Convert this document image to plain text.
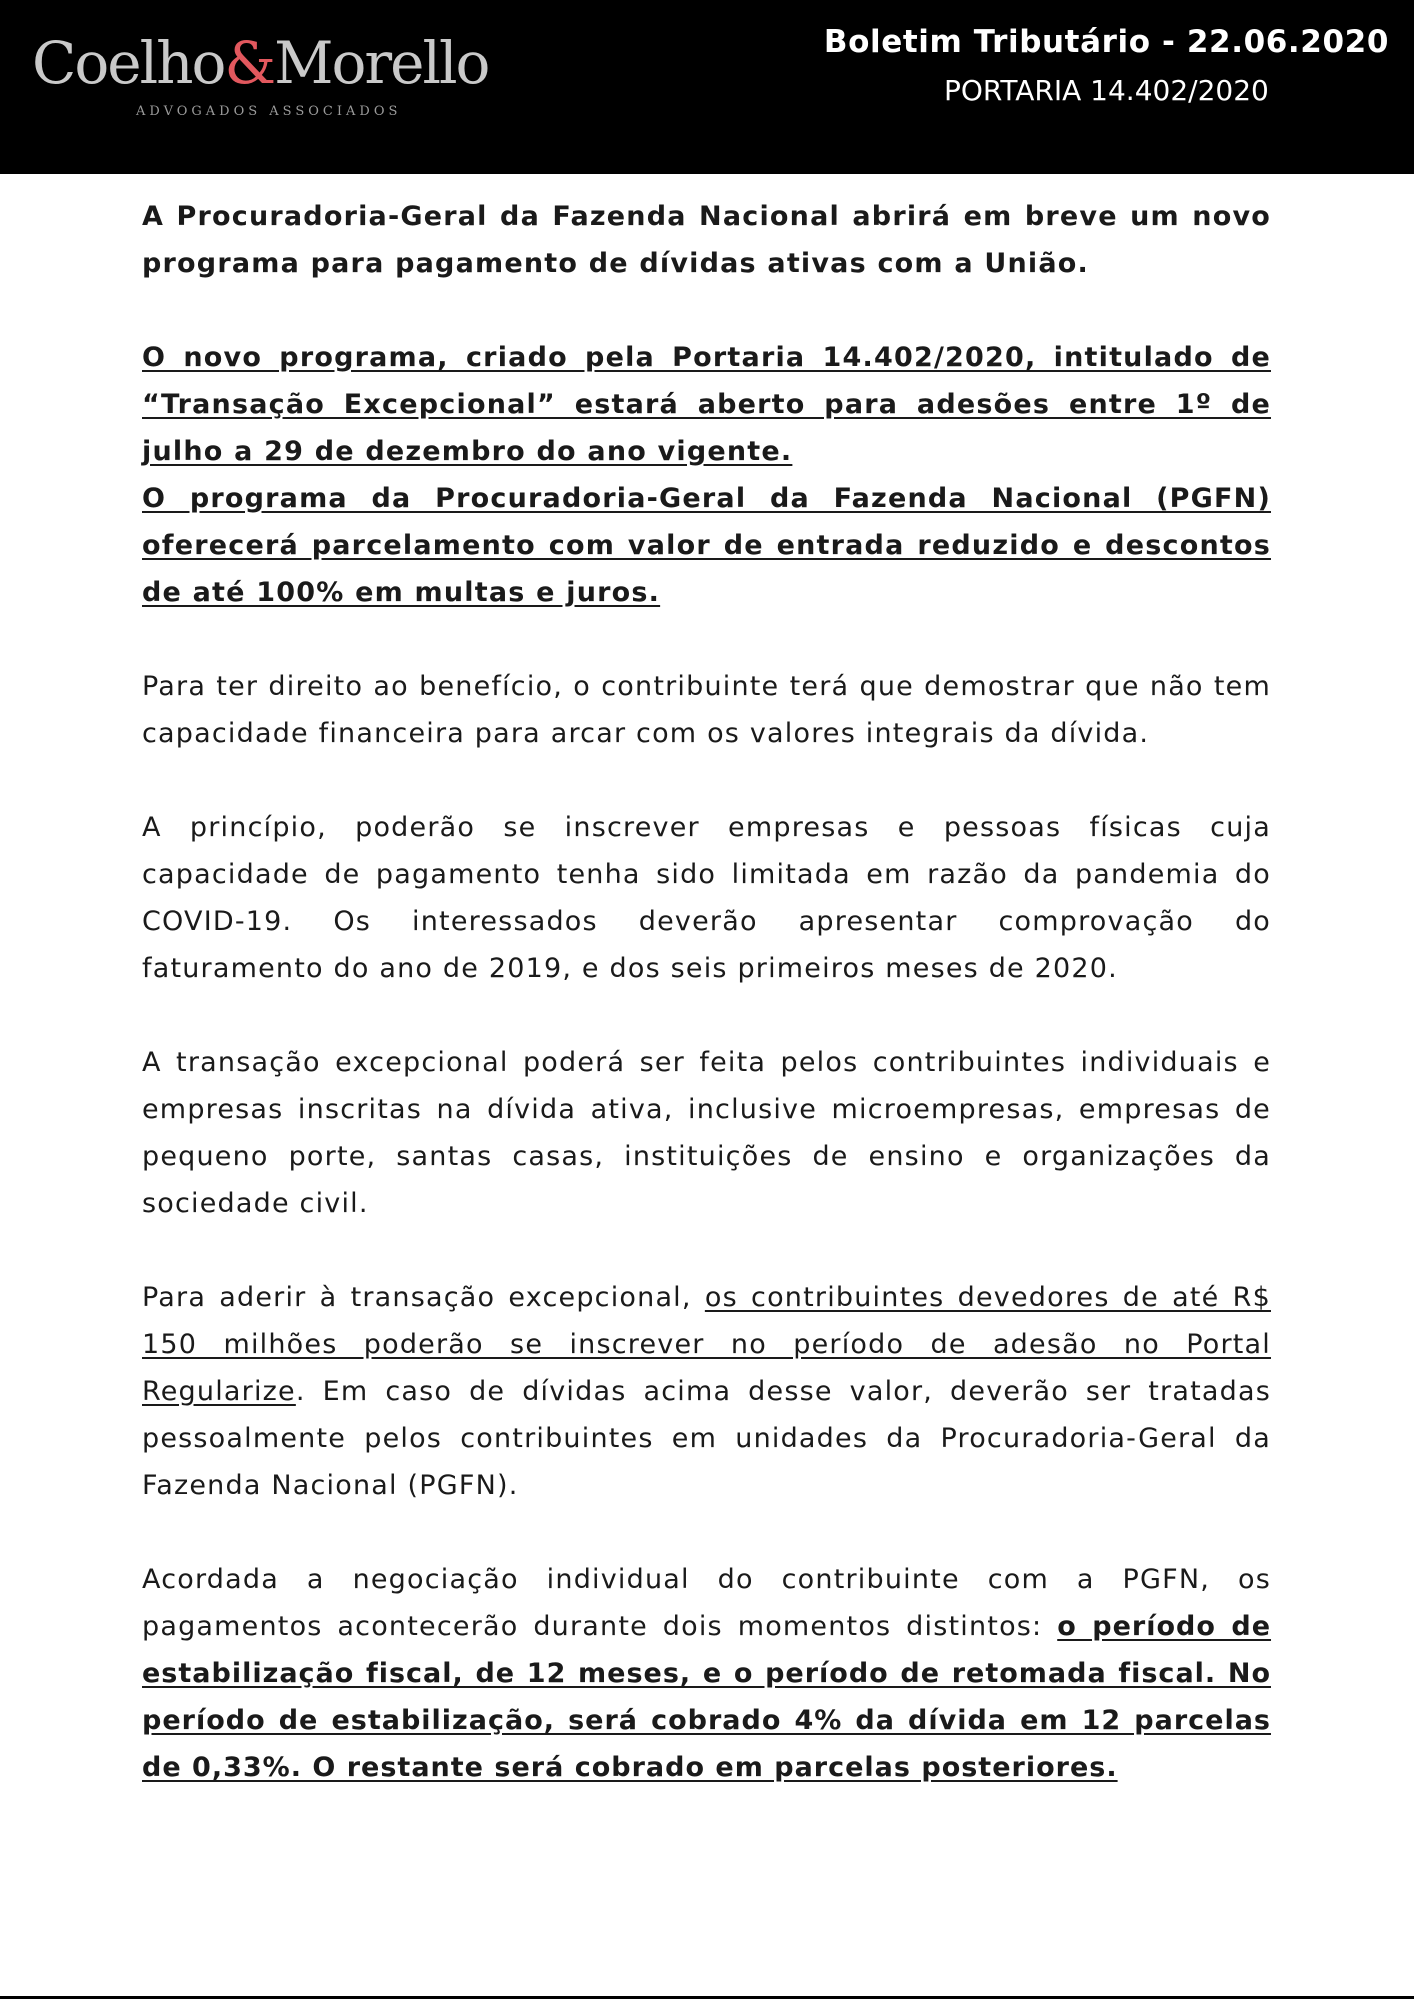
Coelho&Morello
ADVOGADOS ASSOCIADOS
Boletim Tributário - 22.06.2020
PORTARIA 14.402/2020

A Procuradoria-Geral da Fazenda Nacional abrirá em breve um novo programa para pagamento de dívidas ativas com a União.

O novo programa, criado pela Portaria 14.402/2020, intitulado de “Transação Excepcional” estará aberto para adesões entre 1º de julho a 29 de dezembro do ano vigente.

O programa da Procuradoria-Geral da Fazenda Nacional (PGFN) oferecerá parcelamento com valor de entrada reduzido e descontos de até 100% em multas e juros.

Para ter direito ao benefício, o contribuinte terá que demostrar que não tem capacidade financeira para arcar com os valores integrais da dívida.

A princípio, poderão se inscrever empresas e pessoas físicas cuja capacidade de pagamento tenha sido limitada em razão da pandemia do COVID-19. Os interessados deverão apresentar comprovação do faturamento do ano de 2019, e dos seis primeiros meses de 2020.

A transação excepcional poderá ser feita pelos contribuintes individuais e empresas inscritas na dívida ativa, inclusive microempresas, empresas de pequeno porte, santas casas, instituições de ensino e organizações da sociedade civil.

Para aderir à transação excepcional, os contribuintes devedores de até R$ 150 milhões poderão se inscrever no período de adesão no Portal Regularize. Em caso de dívidas acima desse valor, deverão ser tratadas pessoalmente pelos contribuintes em unidades da Procuradoria-Geral da Fazenda Nacional (PGFN).

Acordada a negociação individual do contribuinte com a PGFN, os pagamentos acontecerão durante dois momentos distintos: o período de estabilização fiscal, de 12 meses, e o período de retomada fiscal. No período de estabilização, será cobrado 4% da dívida em 12 parcelas de 0,33%. O restante será cobrado em parcelas posteriores.
